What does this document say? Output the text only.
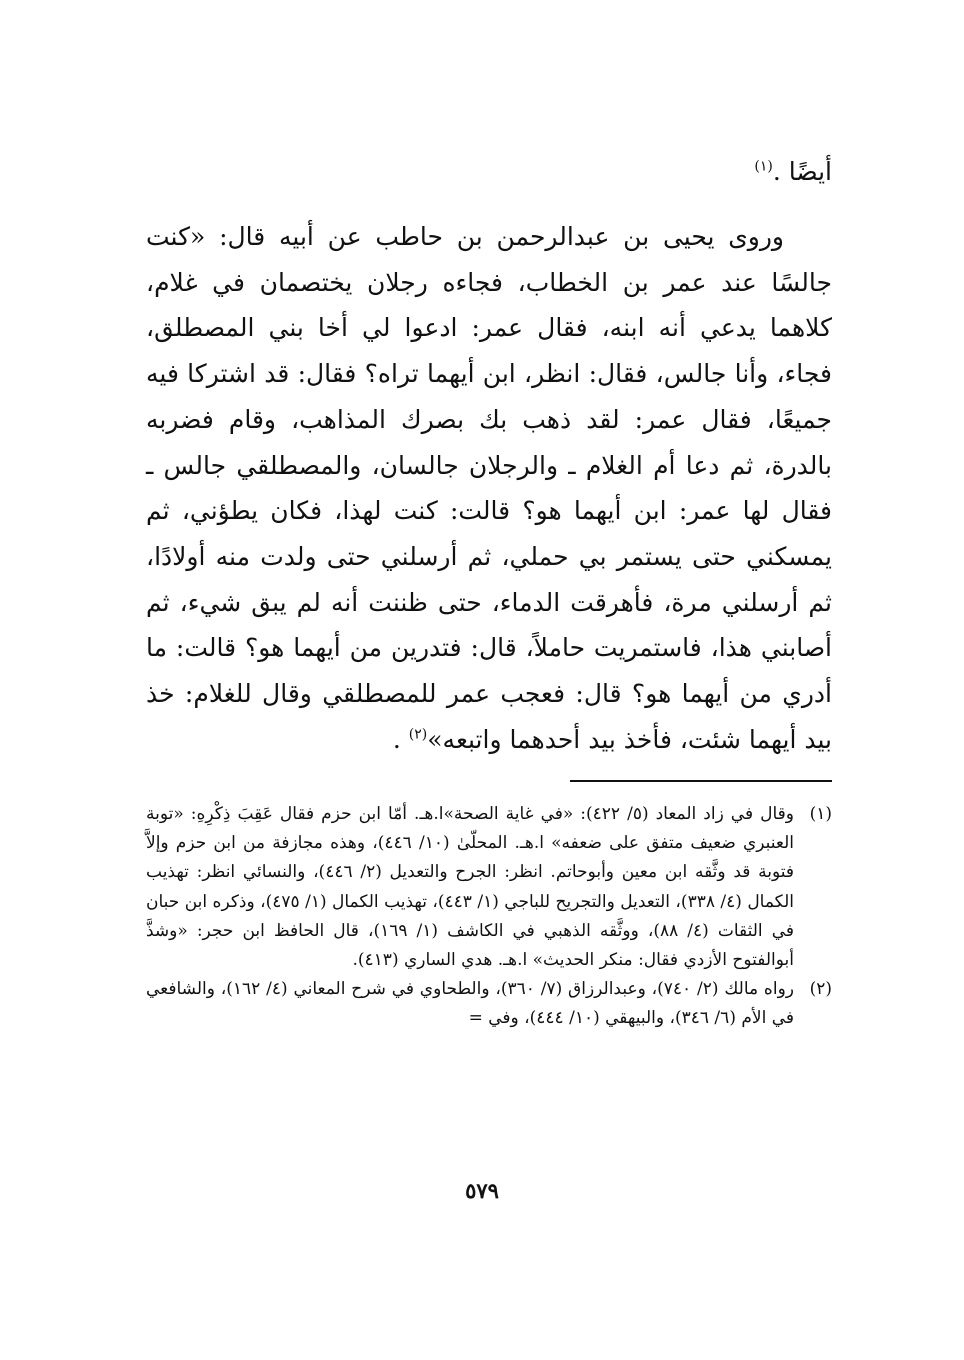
أيضًا .$^{(١)}$
وروى يحيى بن عبدالرحمن بن حاطب عن أبيه قال: «كنت جالسًا عند عمر بن الخطاب، فجاءه رجلان يختصمان في غلام، كلاهما يدعي أنه ابنه، فقال عمر: ادعوا لي أخا بني المصطلق، فجاء، وأنا جالس، فقال: انظر، ابن أيهما تراه؟ فقال: قد اشتركا فيه جميعًا، فقال عمر: لقد ذهب بك بصرك المذاهب، وقام فضربه بالدرة، ثم دعا أم الغلام ـ والرجلان جالسان، والمصطلقي جالس ـ فقال لها عمر: ابن أيهما هو؟ قالت: كنت لهذا، فكان يطؤني، ثم يمسكني حتى يستمر بي حملي، ثم أرسلني حتى ولدت منه أولادًا، ثم أرسلني مرة، فأهرقت الدماء، حتى ظننت أنه لم يبق شيء، ثم أصابني هذا، فاستمريت حاملاً، قال: فتدرين من أيهما هو؟ قالت: ما أدري من أيهما هو؟ قال: فعجب عمر للمصطلقي وقال للغلام: خذ بيد أيهما شئت، فأخذ بيد أحدهما واتبعه»$^{(٢)}$ .
(١)
وقال في زاد المعاد (٥/ ٤٢٢): «في غاية الصحة»ا.هـ. أمّا ابن حزم فقال عَقِبَ ذِكْرِهِ: «توبة العنبري ضعيف متفق على ضعفه» ا.هـ. المحلّىٰ (١٠/ ٤٤٦)، وهذه مجازفة من ابن حزم وإلاَّ فتوبة قد وثَّقه ابن معين وأبوحاتم. انظر: الجرح والتعديل (٢/ ٤٤٦)، والنسائي انظر: تهذيب الكمال (٤/ ٣٣٨)، التعديل والتجريح للباجي (١/ ٤٤٣)، تهذيب الكمال (١/ ٤٧٥)، وذكره ابن حبان في الثقات (٤/ ٨٨)، ووثَّقه الذهبي في الكاشف (١/ ١٦٩)، قال الحافظ ابن حجر: «وشذَّ أبوالفتوح الأزدي فقال: منكر الحديث» ا.هـ. هدي الساري (٤١٣).
(٢)
رواه مالك (٢/ ٧٤٠)، وعبدالرزاق (٧/ ٣٦٠)، والطحاوي في شرح المعاني (٤/ ١٦٢)، والشافعي في الأم (٦/ ٣٤٦)، والبيهقي (١٠/ ٤٤٤)، وفي =
٥٧٩
